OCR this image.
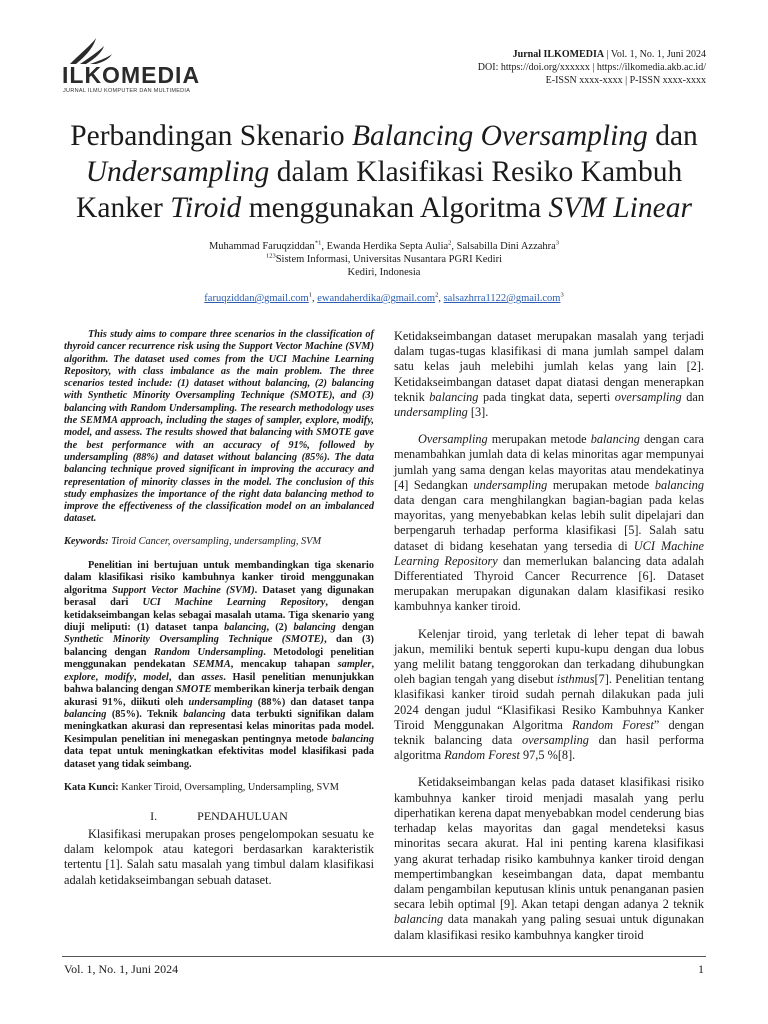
ILKOMEDIA
JURNAL ILMU KOMPUTER DAN MULTIMEDIA
Jurnal ILKOMEDIA | Vol. 1, No. 1, Juni 2024
DOI: https://doi.org/xxxxxx | https://ilkomedia.akb.ac.id/
E-ISSN xxxx-xxxx | P-ISSN xxxx-xxxx
Perbandingan Skenario Balancing Oversampling dan
Undersampling dalam Klasifikasi Resiko Kambuh
Kanker Tiroid menggunakan Algoritma SVM Linear
Muhammad Faruqziddan$^{*1}$, Ewanda Herdika Septa Aulia$^2$, Salsabilla Dini Azzahra$^3$
$^{123}$Sistem Informasi, Universitas Nusantara PGRI Kediri
Kediri, Indonesia
faruqziddan@gmail.com$^1$, ewandaherdika@gmail.com$^2$, salsazhrra1122@gmail.com$^3$

This study aims to compare three scenarios in the classification of thyroid cancer recurrence risk using the Support Vector Machine (SVM) algorithm. The dataset used comes from the UCI Machine Learning Repository, with class imbalance as the main problem. The three scenarios tested include: (1) dataset without balancing, (2) balancing with Synthetic Minority Oversampling Technique (SMOTE), and (3) balancing with Random Undersampling. The research methodology uses the SEMMA approach, including the stages of sampler, explore, modify, model, and assess. The results showed that balancing with SMOTE gave the best performance with an accuracy of 91%, followed by undersampling (88%) and dataset without balancing (85%). The data balancing technique proved significant in improving the accuracy and representation of minority classes in the model. The conclusion of this study emphasizes the importance of the right data balancing method to improve the effectiveness of the classification model on an imbalanced dataset.

Keywords: Tiroid Cancer, oversampling, undersampling, SVM

Penelitian ini bertujuan untuk membandingkan tiga skenario dalam klasifikasi risiko kambuhnya kanker tiroid menggunakan algoritma Support Vector Machine (SVM). Dataset yang digunakan berasal dari UCI Machine Learning Repository, dengan ketidakseimbangan kelas sebagai masalah utama. Tiga skenario yang diuji meliputi: (1) dataset tanpa balancing, (2) balancing dengan Synthetic Minority Oversampling Technique (SMOTE), dan (3) balancing dengan Random Undersampling. Metodologi penelitian menggunakan pendekatan SEMMA, mencakup tahapan sampler, explore, modify, model, dan asses. Hasil penelitian menunjukkan bahwa balancing dengan SMOTE memberikan kinerja terbaik dengan akurasi 91%, diikuti oleh undersampling (88%) dan dataset tanpa balancing (85%). Teknik balancing data terbukti signifikan dalam meningkatkan akurasi dan representasi kelas minoritas pada model. Kesimpulan penelitian ini menegaskan pentingnya metode balancing data tepat untuk meningkatkan efektivitas model klasifikasi pada dataset yang tidak seimbang.

Kata Kunci: Kanker Tiroid, Oversampling, Undersampling, SVM
I.	PENDAHULUAN

Klasifikasi merupakan proses pengelompokan sesuatu ke dalam kelompok atau kategori berdasarkan karakteristik tertentu [1]. Salah satu masalah yang timbul dalam klasifikasi adalah ketidakseimbangan sebuah dataset.

Ketidakseimbangan dataset merupakan masalah yang terjadi dalam tugas-tugas klasifikasi di mana jumlah sampel dalam satu kelas jauh melebihi jumlah kelas yang lain [2]. Ketidakseimbangan dataset dapat diatasi dengan menerapkan teknik balancing pada tingkat data, seperti oversampling dan undersampling [3].

Oversampling merupakan metode balancing dengan cara menambahkan jumlah data di kelas minoritas agar mempunyai jumlah yang sama dengan kelas mayoritas atau mendekatinya [4] Sedangkan undersampling merupakan metode balancing data dengan cara menghilangkan bagian-bagian pada kelas mayoritas, yang menyebabkan kelas lebih sulit dipelajari dan berpengaruh terhadap performa klasifikasi [5]. Salah satu dataset di bidang kesehatan yang tersedia di UCI Machine Learning Repository dan memerlukan balancing data adalah Differentiated Thyroid Cancer Recurrence [6]. Dataset merupakan merupakan digunakan dalam klasifikasi resiko kambuhnya kanker tiroid.

Kelenjar tiroid, yang terletak di leher tepat di bawah jakun, memiliki bentuk seperti kupu-kupu dengan dua lobus yang melilit batang tenggorokan dan terkadang dihubungkan oleh bagian tengah yang disebut isthmus[7]. Penelitian tentang klasifikasi kanker tiroid sudah pernah dilakukan pada juli 2024 dengan judul “Klasifikasi Resiko Kambuhnya Kanker Tiroid Menggunakan Algoritma Random Forest” dengan teknik balancing data oversampling dan hasil performa algoritma Random Forest 97,5 %[8].

Ketidakseimbangan kelas pada dataset klasifikasi risiko kambuhnya kanker tiroid menjadi masalah yang perlu diperhatikan kerena dapat menyebabkan model cenderung bias terhadap kelas mayoritas dan gagal mendeteksi kasus minoritas secara akurat. Hal ini penting karena klasifikasi yang akurat terhadap risiko kambuhnya kanker tiroid dengan mempertimbangkan keseimbangan data, dapat membantu dalam pengambilan keputusan klinis untuk penanganan pasien secara lebih optimal [9]. Akan tetapi dengan adanya 2 teknik balancing data manakah yang paling sesuai untuk digunakan dalam klasifikasi resiko kambuhnya kangker tiroid

Vol. 1, No. 1, Juni 2024	1
